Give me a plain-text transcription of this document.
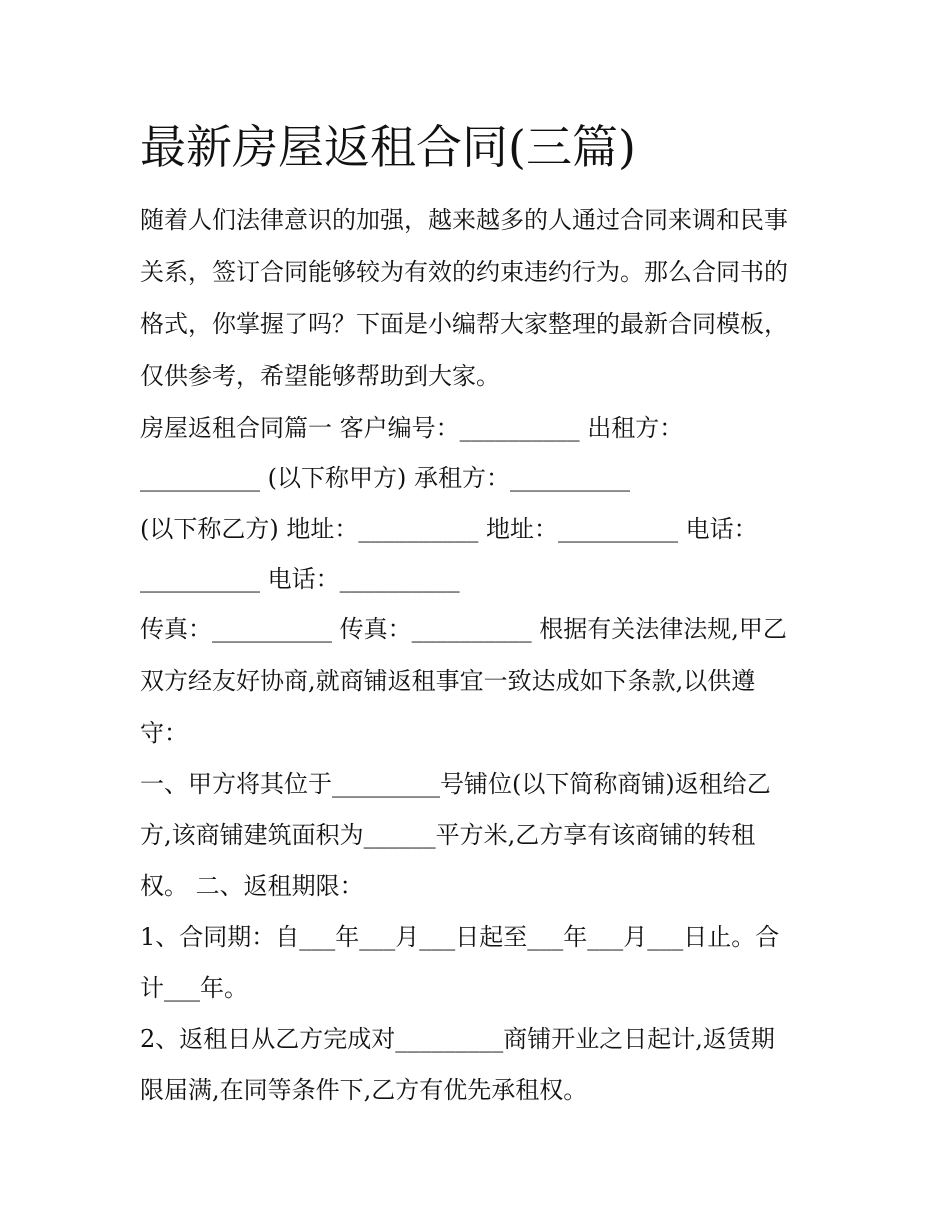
最新房屋返租合同(三篇)
随着人们法律意识的加强，越来越多的人通过合同来调和民事
关系，签订合同能够较为有效的约束违约行为。那么合同书的
格式，你掌握了吗？下面是小编帮大家整理的最新合同模板，
仅供参考，希望能够帮助到大家。
房屋返租合同篇一 客户编号：__________ 出租方：
__________ (以下称甲方) 承租方：__________
(以下称乙方) 地址：__________ 地址：__________ 电话：
__________ 电话：__________
传真：__________ 传真：__________ 根据有关法律法规,甲乙
双方经友好协商,就商铺返租事宜一致达成如下条款,以供遵
守：
一、甲方将其位于_________号铺位(以下简称商铺)返租给乙
方,该商铺建筑面积为______平方米,乙方享有该商铺的转租
权。 二、返租期限：
1、合同期：自___年___月___日起至___年___月___日止。合
计___年。
2、返租日从乙方完成对_________商铺开业之日起计,返赁期
限届满,在同等条件下,乙方有优先承租权。
